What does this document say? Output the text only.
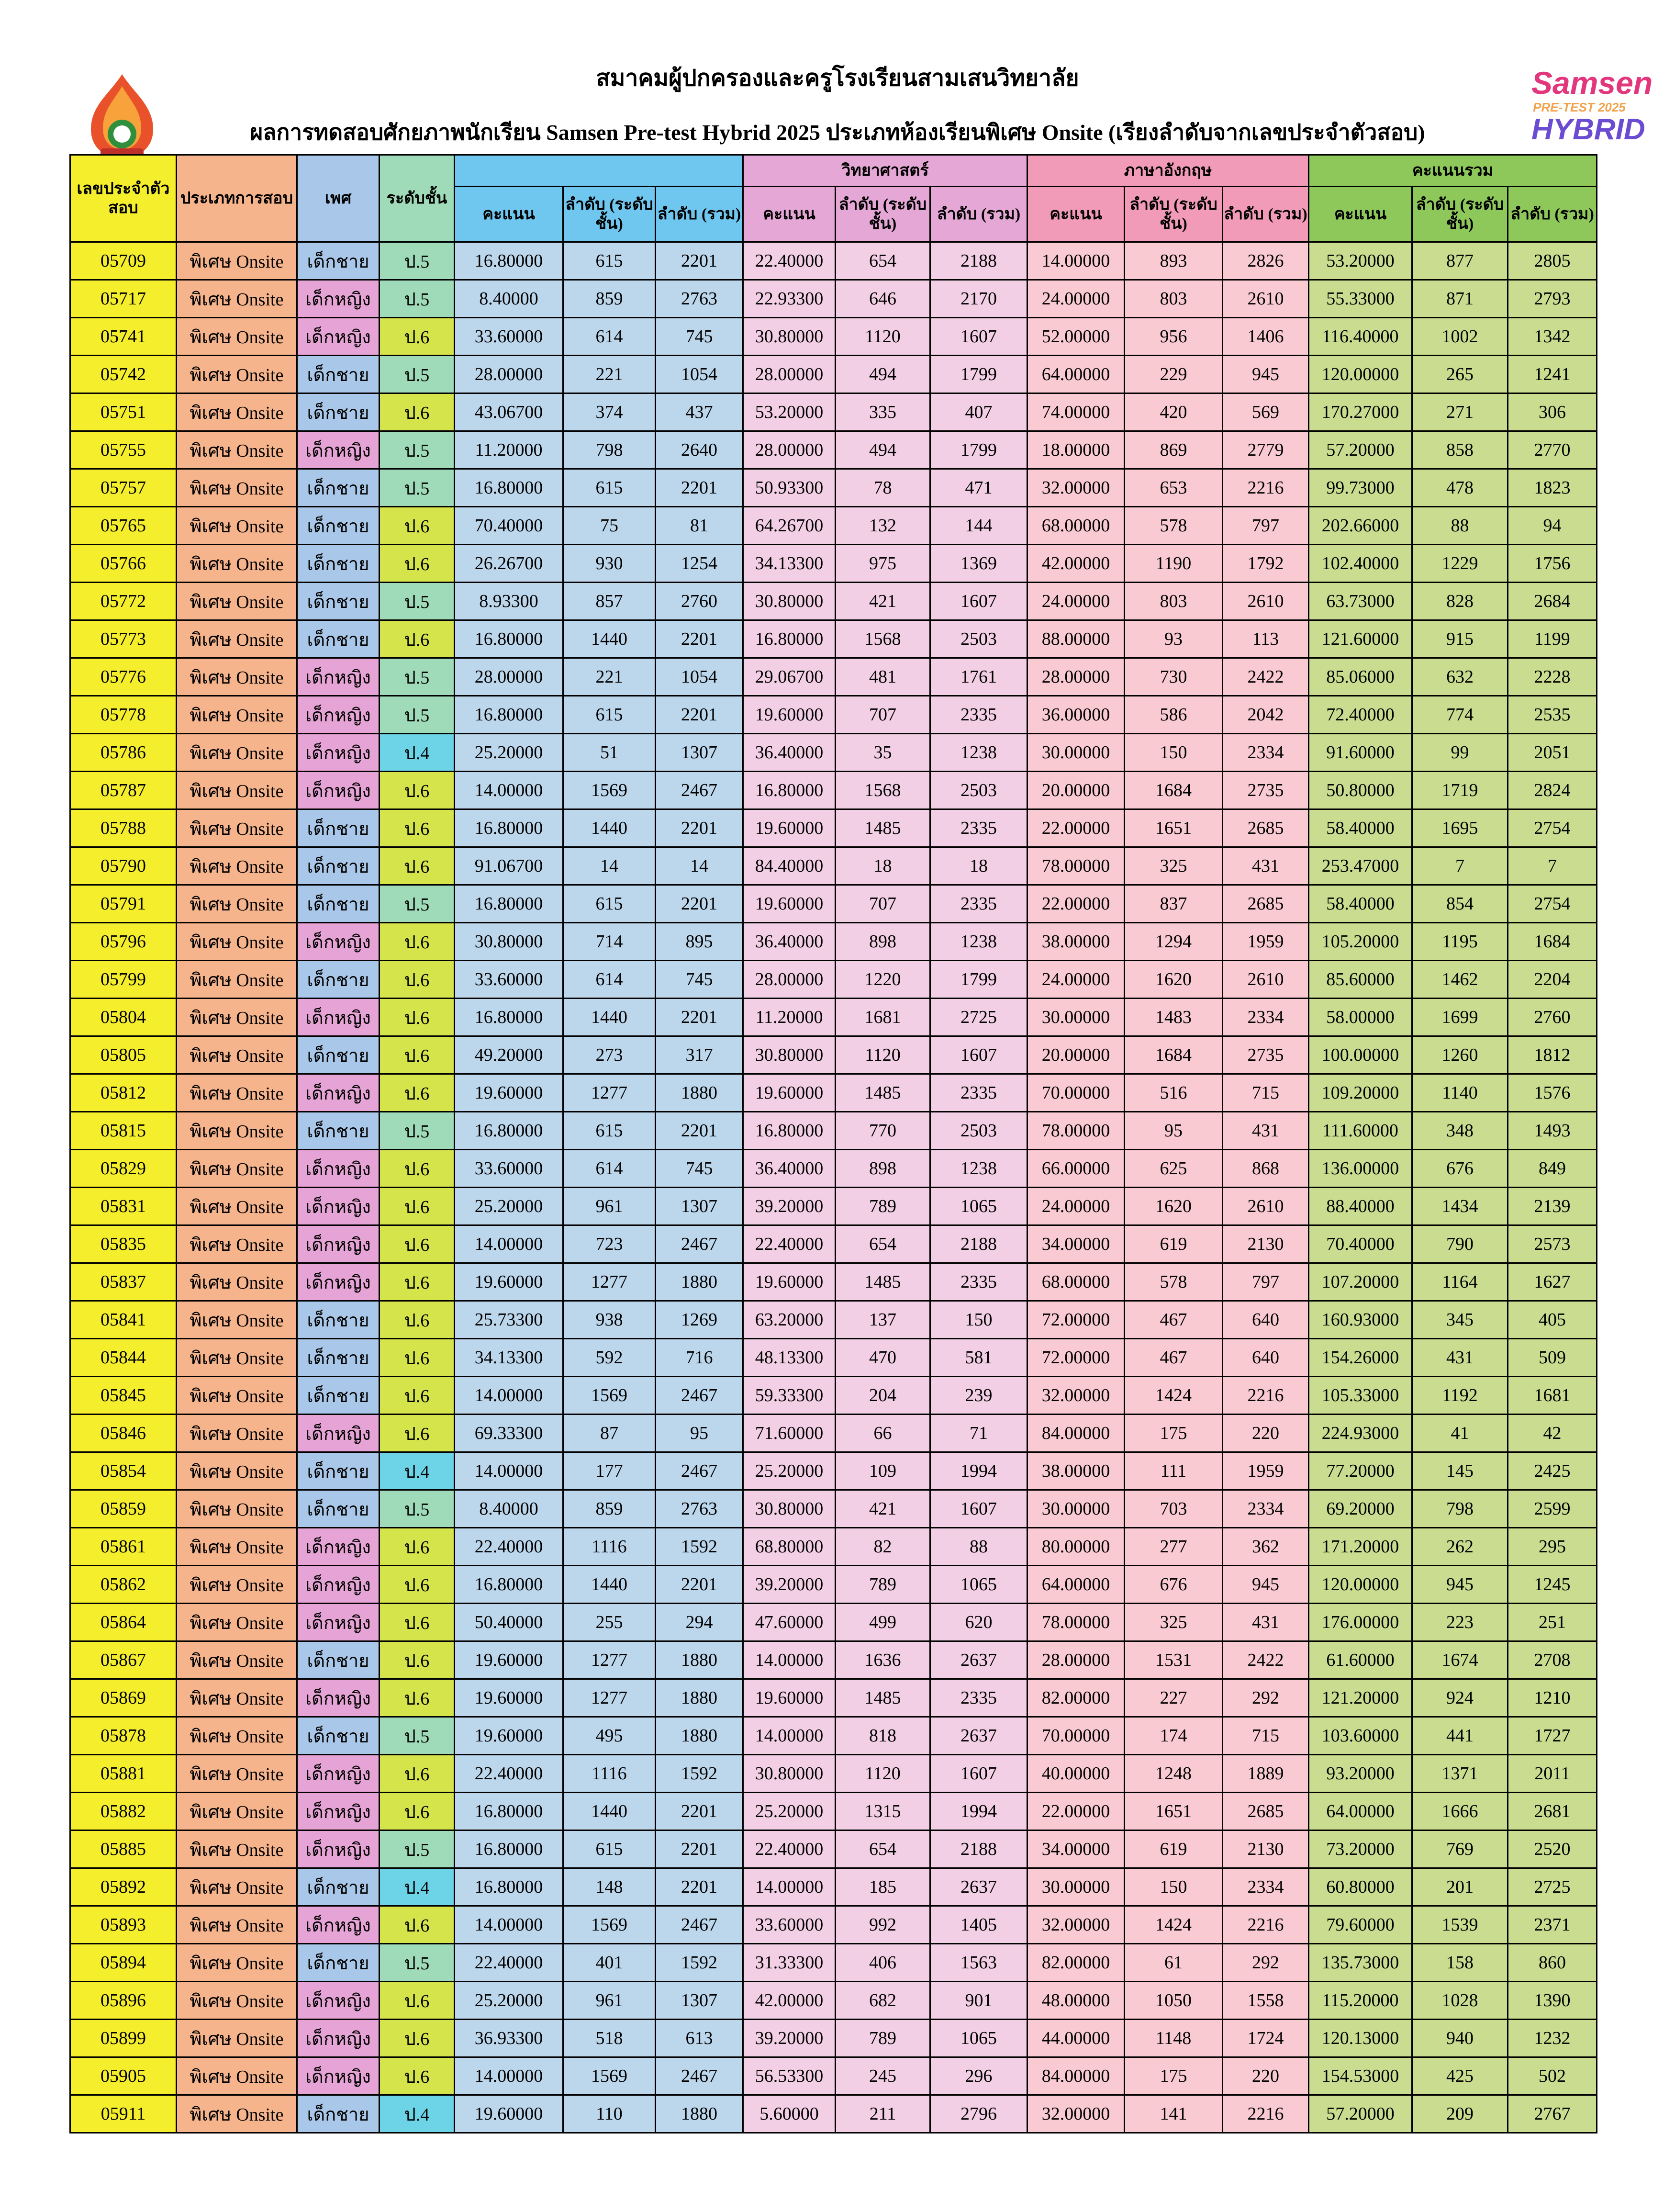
สมาคมผู้ปกครองและครูโรงเรียนสามเสนวิทยาลัย
ผลการทดสอบศักยภาพนักเรียน Samsen Pre-test Hybrid 2025 ประเภทห้องเรียนพิเศษ Onsite (เรียงลำดับจากเลขประจำตัวสอบ)
Samsen
PRE-TEST 2025
HYBRID
เลขประจำตัวสอบ	ประเภทการสอบ	เพศ	ระดับชั้น				วิทยาศาสตร์			ภาษาอังกฤษ			คะแนนรวม		
				คะแนน	ลำดับ (ระดับชั้น)	ลำดับ (รวม)	คะแนน	ลำดับ (ระดับชั้น)	ลำดับ (รวม)	คะแนน	ลำดับ (ระดับชั้น)	ลำดับ (รวม)	คะแนน	ลำดับ (ระดับชั้น)	ลำดับ (รวม)
05709	พิเศษ Onsite	เด็กชาย	ป.5	16.80000	615	2201	22.40000	654	2188	14.00000	893	2826	53.20000	877	2805
05717	พิเศษ Onsite	เด็กหญิง	ป.5	8.40000	859	2763	22.93300	646	2170	24.00000	803	2610	55.33000	871	2793
05741	พิเศษ Onsite	เด็กหญิง	ป.6	33.60000	614	745	30.80000	1120	1607	52.00000	956	1406	116.40000	1002	1342
05742	พิเศษ Onsite	เด็กชาย	ป.5	28.00000	221	1054	28.00000	494	1799	64.00000	229	945	120.00000	265	1241
05751	พิเศษ Onsite	เด็กชาย	ป.6	43.06700	374	437	53.20000	335	407	74.00000	420	569	170.27000	271	306
05755	พิเศษ Onsite	เด็กหญิง	ป.5	11.20000	798	2640	28.00000	494	1799	18.00000	869	2779	57.20000	858	2770
05757	พิเศษ Onsite	เด็กชาย	ป.5	16.80000	615	2201	50.93300	78	471	32.00000	653	2216	99.73000	478	1823
05765	พิเศษ Onsite	เด็กชาย	ป.6	70.40000	75	81	64.26700	132	144	68.00000	578	797	202.66000	88	94
05766	พิเศษ Onsite	เด็กชาย	ป.6	26.26700	930	1254	34.13300	975	1369	42.00000	1190	1792	102.40000	1229	1756
05772	พิเศษ Onsite	เด็กชาย	ป.5	8.93300	857	2760	30.80000	421	1607	24.00000	803	2610	63.73000	828	2684
05773	พิเศษ Onsite	เด็กชาย	ป.6	16.80000	1440	2201	16.80000	1568	2503	88.00000	93	113	121.60000	915	1199
05776	พิเศษ Onsite	เด็กหญิง	ป.5	28.00000	221	1054	29.06700	481	1761	28.00000	730	2422	85.06000	632	2228
05778	พิเศษ Onsite	เด็กหญิง	ป.5	16.80000	615	2201	19.60000	707	2335	36.00000	586	2042	72.40000	774	2535
05786	พิเศษ Onsite	เด็กหญิง	ป.4	25.20000	51	1307	36.40000	35	1238	30.00000	150	2334	91.60000	99	2051
05787	พิเศษ Onsite	เด็กหญิง	ป.6	14.00000	1569	2467	16.80000	1568	2503	20.00000	1684	2735	50.80000	1719	2824
05788	พิเศษ Onsite	เด็กชาย	ป.6	16.80000	1440	2201	19.60000	1485	2335	22.00000	1651	2685	58.40000	1695	2754
05790	พิเศษ Onsite	เด็กชาย	ป.6	91.06700	14	14	84.40000	18	18	78.00000	325	431	253.47000	7	7
05791	พิเศษ Onsite	เด็กชาย	ป.5	16.80000	615	2201	19.60000	707	2335	22.00000	837	2685	58.40000	854	2754
05796	พิเศษ Onsite	เด็กหญิง	ป.6	30.80000	714	895	36.40000	898	1238	38.00000	1294	1959	105.20000	1195	1684
05799	พิเศษ Onsite	เด็กชาย	ป.6	33.60000	614	745	28.00000	1220	1799	24.00000	1620	2610	85.60000	1462	2204
05804	พิเศษ Onsite	เด็กหญิง	ป.6	16.80000	1440	2201	11.20000	1681	2725	30.00000	1483	2334	58.00000	1699	2760
05805	พิเศษ Onsite	เด็กชาย	ป.6	49.20000	273	317	30.80000	1120	1607	20.00000	1684	2735	100.00000	1260	1812
05812	พิเศษ Onsite	เด็กหญิง	ป.6	19.60000	1277	1880	19.60000	1485	2335	70.00000	516	715	109.20000	1140	1576
05815	พิเศษ Onsite	เด็กชาย	ป.5	16.80000	615	2201	16.80000	770	2503	78.00000	95	431	111.60000	348	1493
05829	พิเศษ Onsite	เด็กหญิง	ป.6	33.60000	614	745	36.40000	898	1238	66.00000	625	868	136.00000	676	849
05831	พิเศษ Onsite	เด็กหญิง	ป.6	25.20000	961	1307	39.20000	789	1065	24.00000	1620	2610	88.40000	1434	2139
05835	พิเศษ Onsite	เด็กหญิง	ป.6	14.00000	723	2467	22.40000	654	2188	34.00000	619	2130	70.40000	790	2573
05837	พิเศษ Onsite	เด็กหญิง	ป.6	19.60000	1277	1880	19.60000	1485	2335	68.00000	578	797	107.20000	1164	1627
05841	พิเศษ Onsite	เด็กชาย	ป.6	25.73300	938	1269	63.20000	137	150	72.00000	467	640	160.93000	345	405
05844	พิเศษ Onsite	เด็กชาย	ป.6	34.13300	592	716	48.13300	470	581	72.00000	467	640	154.26000	431	509
05845	พิเศษ Onsite	เด็กชาย	ป.6	14.00000	1569	2467	59.33300	204	239	32.00000	1424	2216	105.33000	1192	1681
05846	พิเศษ Onsite	เด็กหญิง	ป.6	69.33300	87	95	71.60000	66	71	84.00000	175	220	224.93000	41	42
05854	พิเศษ Onsite	เด็กชาย	ป.4	14.00000	177	2467	25.20000	109	1994	38.00000	111	1959	77.20000	145	2425
05859	พิเศษ Onsite	เด็กชาย	ป.5	8.40000	859	2763	30.80000	421	1607	30.00000	703	2334	69.20000	798	2599
05861	พิเศษ Onsite	เด็กหญิง	ป.6	22.40000	1116	1592	68.80000	82	88	80.00000	277	362	171.20000	262	295
05862	พิเศษ Onsite	เด็กหญิง	ป.6	16.80000	1440	2201	39.20000	789	1065	64.00000	676	945	120.00000	945	1245
05864	พิเศษ Onsite	เด็กหญิง	ป.6	50.40000	255	294	47.60000	499	620	78.00000	325	431	176.00000	223	251
05867	พิเศษ Onsite	เด็กชาย	ป.6	19.60000	1277	1880	14.00000	1636	2637	28.00000	1531	2422	61.60000	1674	2708
05869	พิเศษ Onsite	เด็กหญิง	ป.6	19.60000	1277	1880	19.60000	1485	2335	82.00000	227	292	121.20000	924	1210
05878	พิเศษ Onsite	เด็กชาย	ป.5	19.60000	495	1880	14.00000	818	2637	70.00000	174	715	103.60000	441	1727
05881	พิเศษ Onsite	เด็กหญิง	ป.6	22.40000	1116	1592	30.80000	1120	1607	40.00000	1248	1889	93.20000	1371	2011
05882	พิเศษ Onsite	เด็กหญิง	ป.6	16.80000	1440	2201	25.20000	1315	1994	22.00000	1651	2685	64.00000	1666	2681
05885	พิเศษ Onsite	เด็กหญิง	ป.5	16.80000	615	2201	22.40000	654	2188	34.00000	619	2130	73.20000	769	2520
05892	พิเศษ Onsite	เด็กชาย	ป.4	16.80000	148	2201	14.00000	185	2637	30.00000	150	2334	60.80000	201	2725
05893	พิเศษ Onsite	เด็กหญิง	ป.6	14.00000	1569	2467	33.60000	992	1405	32.00000	1424	2216	79.60000	1539	2371
05894	พิเศษ Onsite	เด็กชาย	ป.5	22.40000	401	1592	31.33300	406	1563	82.00000	61	292	135.73000	158	860
05896	พิเศษ Onsite	เด็กหญิง	ป.6	25.20000	961	1307	42.00000	682	901	48.00000	1050	1558	115.20000	1028	1390
05899	พิเศษ Onsite	เด็กหญิง	ป.6	36.93300	518	613	39.20000	789	1065	44.00000	1148	1724	120.13000	940	1232
05905	พิเศษ Onsite	เด็กหญิง	ป.6	14.00000	1569	2467	56.53300	245	296	84.00000	175	220	154.53000	425	502
05911	พิเศษ Onsite	เด็กชาย	ป.4	19.60000	110	1880	5.60000	211	2796	32.00000	141	2216	57.20000	209	2767
